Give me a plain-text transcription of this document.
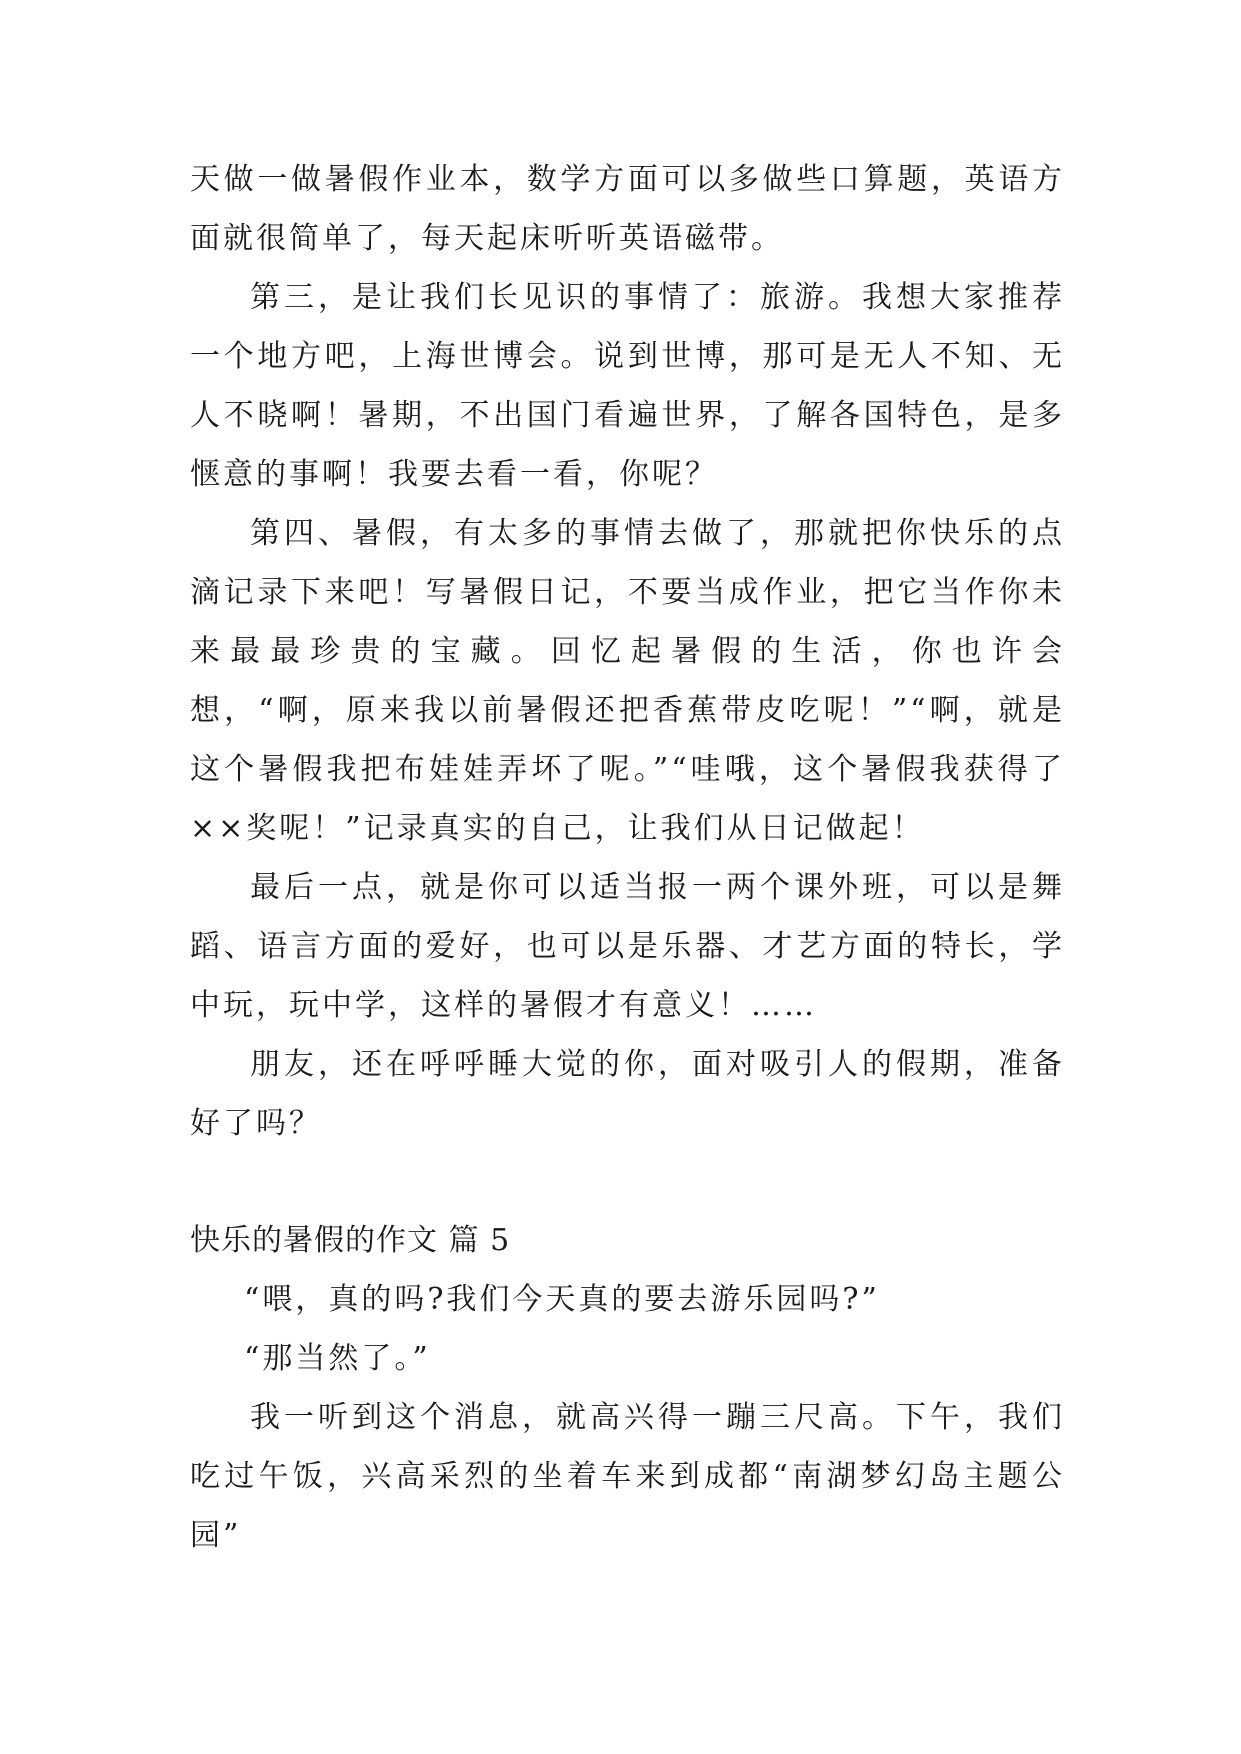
天做一做暑假作业本，数学方面可以多做些口算题，英语方面就很简单了，每天起床听听英语磁带。

第三，是让我们长见识的事情了：旅游。我想大家推荐一个地方吧，上海世博会。说到世博，那可是无人不知、无人不晓啊！暑期，不出国门看遍世界，了解各国特色，是多惬意的事啊！我要去看一看，你呢？

第四、暑假，有太多的事情去做了，那就把你快乐的点滴记录下来吧！写暑假日记，不要当成作业，把它当作你未来最最珍贵的宝藏。回忆起暑假的生活，你也许会想，“啊，原来我以前暑假还把香蕉带皮吃呢！”“啊，就是这个暑假我把布娃娃弄坏了呢。”“哇哦，这个暑假我获得了××奖呢！”记录真实的自己，让我们从日记做起！

最后一点，就是你可以适当报一两个课外班，可以是舞蹈、语言方面的爱好，也可以是乐器、才艺方面的特长，学中玩，玩中学，这样的暑假才有意义！……

朋友，还在呼呼睡大觉的你，面对吸引人的假期，准备好了吗？

快乐的暑假的作文 篇 5

“喂，真的吗?我们今天真的要去游乐园吗?”

“那当然了。”

我一听到这个消息，就高兴得一蹦三尺高。下午，我们吃过午饭，兴高采烈的坐着车来到成都“南湖梦幻岛主题公园”
